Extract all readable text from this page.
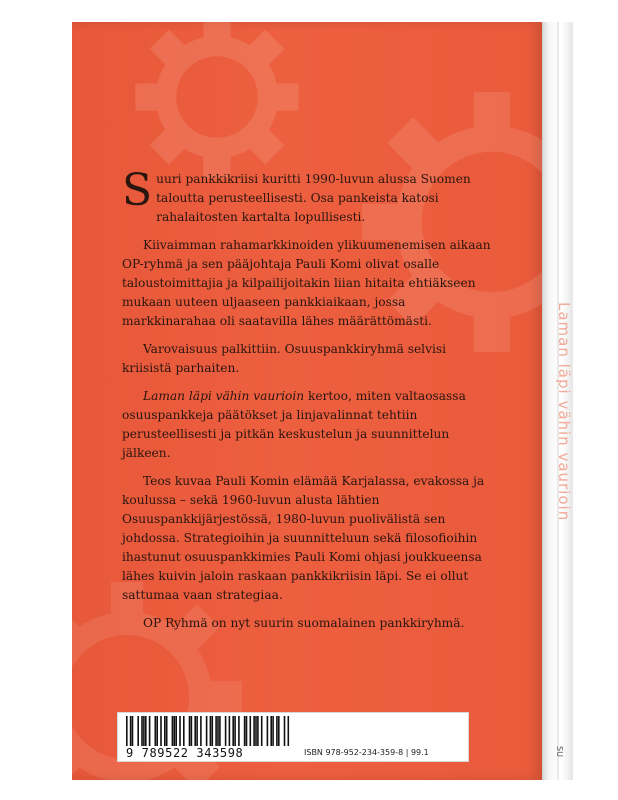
Suuri pankkikriisi kuritti 1990-luvun alussa Suomen taloutta perusteellisesti. Osa pankeista katosi rahalaitosten kartalta lopullisesti.

Kiivaimman rahamarkkinoiden ylikuumenemisen aikaan OP-ryhmä ja sen pääjohtaja Pauli Komi olivat osalle taloustoimittajia ja kilpailijoitakin liian hitaita ehtiäkseen mukaan uuteen uljaaseen pankkiaikaan, jossa markkinarahaa oli saatavilla lähes määrättömästi.

Varovaisuus palkittiin. Osuuspankkiryhmä selvisi kriisistä parhaiten.

Laman läpi vähin vaurioin kertoo, miten valtaosassa osuuspankkeja päätökset ja linjavalinnat tehtiin perusteellisesti ja pitkän keskustelun ja suunnittelun jälkeen.

Teos kuvaa Pauli Komin elämää Karjalassa, evakossa ja koulussa – sekä 1960-luvun alusta lähtien Osuuspankkijärjestössä, 1980-luvun puolivälistä sen johdossa. Strategioihin ja suunnitteluun sekä filosofioihin ihastunut osuuspankkimies Pauli Komi ohjasi joukkueensa lähes kuivin jaloin raskaan pankkikriisin läpi. Se ei ollut sattumaa vaan strategiaa.

OP Ryhmä on nyt suurin suomalainen pankkiryhmä.

9 789522 343598	ISBN 978-952-234-359-8 | 99.1
Laman läpi vähin vaurioin
SU
